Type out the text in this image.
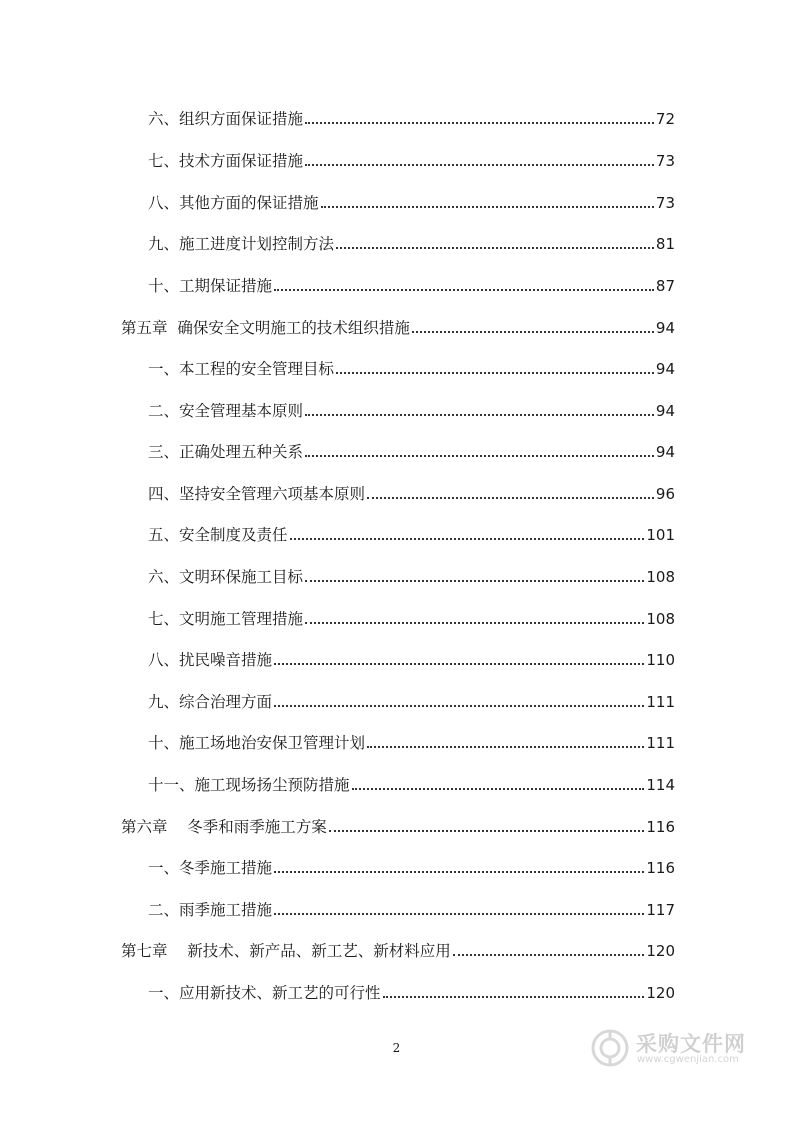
六、组织方面保证措施	72
七、技术方面保证措施	73
八、其他方面的保证措施	73
九、施工进度计划控制方法	81
十、工期保证措施	87
第五章  确保安全文明施工的技术组织措施	94
一、本工程的安全管理目标	94
二、安全管理基本原则	94
三、正确处理五种关系	94
四、坚持安全管理六项基本原则	96
五、安全制度及责任	101
六、文明环保施工目标	108
七、文明施工管理措施	108
八、扰民噪音措施	110
九、综合治理方面	111
十、施工场地治安保卫管理计划	111
十一、施工现场扬尘预防措施	114
第六章    冬季和雨季施工方案	116
一、冬季施工措施	116
二、雨季施工措施	117
第七章    新技术、新产品、新工艺、新材料应用	120
一、应用新技术、新工艺的可行性	120
2	采购文件网
www.cgwenjian.com
